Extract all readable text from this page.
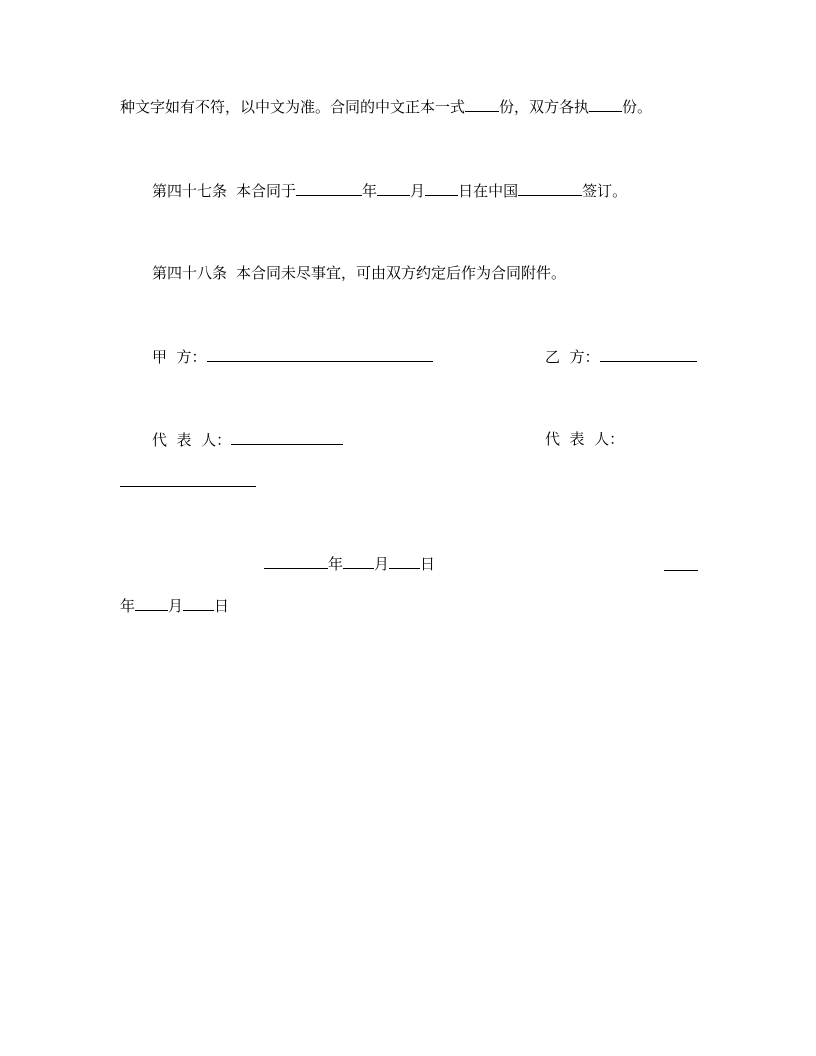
种文字如有不符，以中文为准。合同的中文正本一式 份，双方各执 份。
第四十七条 本合同于	年 月 日在中国	签订。
第四十八条 本合同未尽事宜，可由双方约定后作为合同附件。
甲  方：	乙  方：
代  表  人：	代  表  人：
年 月 日
年 月 日
